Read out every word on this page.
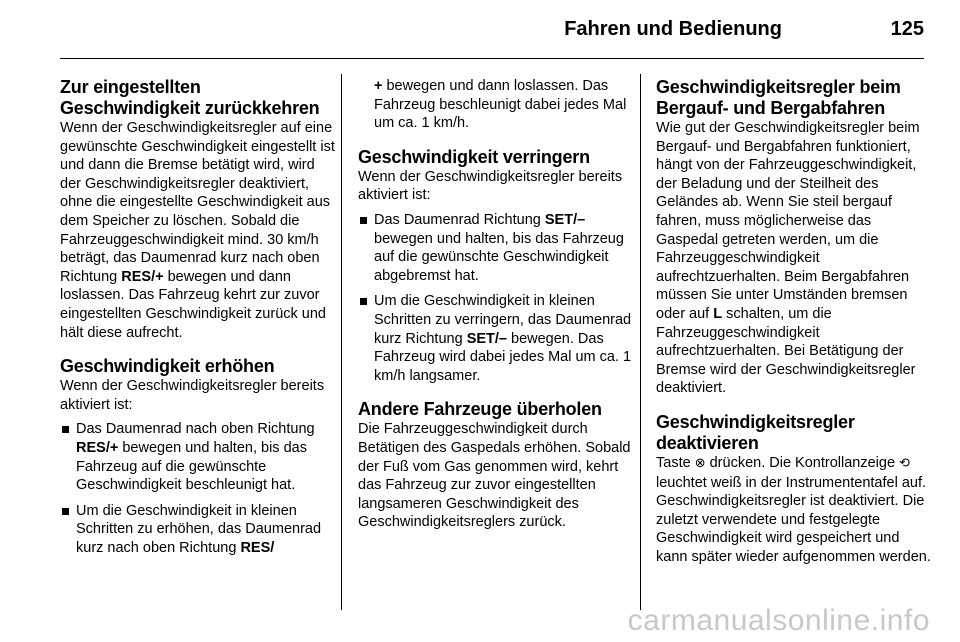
Fahren und Bedienung	125
Zur eingestellten Geschwindigkeit zurückkehren

Wenn der Geschwindigkeitsregler auf eine gewünschte Geschwindigkeit eingestellt ist und dann die Bremse betätigt wird, wird der Geschwindigkeitsregler deaktiviert, ohne die eingestellte Geschwindigkeit aus dem Speicher zu löschen. Sobald die Fahrzeuggeschwindigkeit mind. 30 km/h beträgt, das Daumenrad kurz nach oben Richtung RES/+ bewegen und dann loslassen. Das Fahrzeug kehrt zur zuvor eingestellten Geschwindigkeit zurück und hält diese aufrecht.

Geschwindigkeit erhöhen

Wenn der Geschwindigkeitsregler bereits aktiviert ist:

Das Daumenrad nach oben Richtung RES/+ bewegen und halten, bis das Fahrzeug auf die gewünschte Geschwindigkeit beschleunigt hat.
Um die Geschwindigkeit in kleinen Schritten zu erhöhen, das Daumenrad kurz nach oben Richtung RES/

+ bewegen und dann loslassen. Das Fahrzeug beschleunigt dabei jedes Mal um ca. 1 km/h.

Geschwindigkeit verringern

Wenn der Geschwindigkeitsregler bereits aktiviert ist:

Das Daumenrad Richtung SET/– bewegen und halten, bis das Fahrzeug auf die gewünschte Geschwindigkeit abgebremst hat.
Um die Geschwindigkeit in kleinen Schritten zu verringern, das Daumenrad kurz Richtung SET/– bewegen. Das Fahrzeug wird dabei jedes Mal um ca. 1 km/h langsamer.
Andere Fahrzeuge überholen

Die Fahrzeuggeschwindigkeit durch Betätigen des Gaspedals erhöhen. Sobald der Fuß vom Gas genommen wird, kehrt das Fahrzeug zur zuvor eingestellten langsameren Geschwindigkeit des Geschwindigkeitsreglers zurück.

Geschwindigkeitsregler beim Bergauf- und Bergabfahren

Wie gut der Geschwindigkeitsregler beim Bergauf- und Bergabfahren funktioniert, hängt von der Fahrzeuggeschwindigkeit, der Beladung und der Steilheit des Geländes ab. Wenn Sie steil bergauf fahren, muss möglicherweise das Gaspedal getreten werden, um die Fahrzeuggeschwindigkeit aufrechtzuerhalten. Beim Bergabfahren müssen Sie unter Umständen bremsen oder auf L schalten, um die Fahrzeuggeschwindigkeit aufrechtzuerhalten. Bei Betätigung der Bremse wird der Geschwindigkeitsregler deaktiviert.

Geschwindigkeitsregler deaktivieren

Taste ⊗ drücken. Die Kontrollanzeige ⟲ leuchtet weiß in der Instrumententafel auf. Geschwindigkeitsregler ist deaktiviert. Die zuletzt verwendete und festgelegte Geschwindigkeit wird gespeichert und kann später wieder aufgenommen werden.

carmanualsonline.info
